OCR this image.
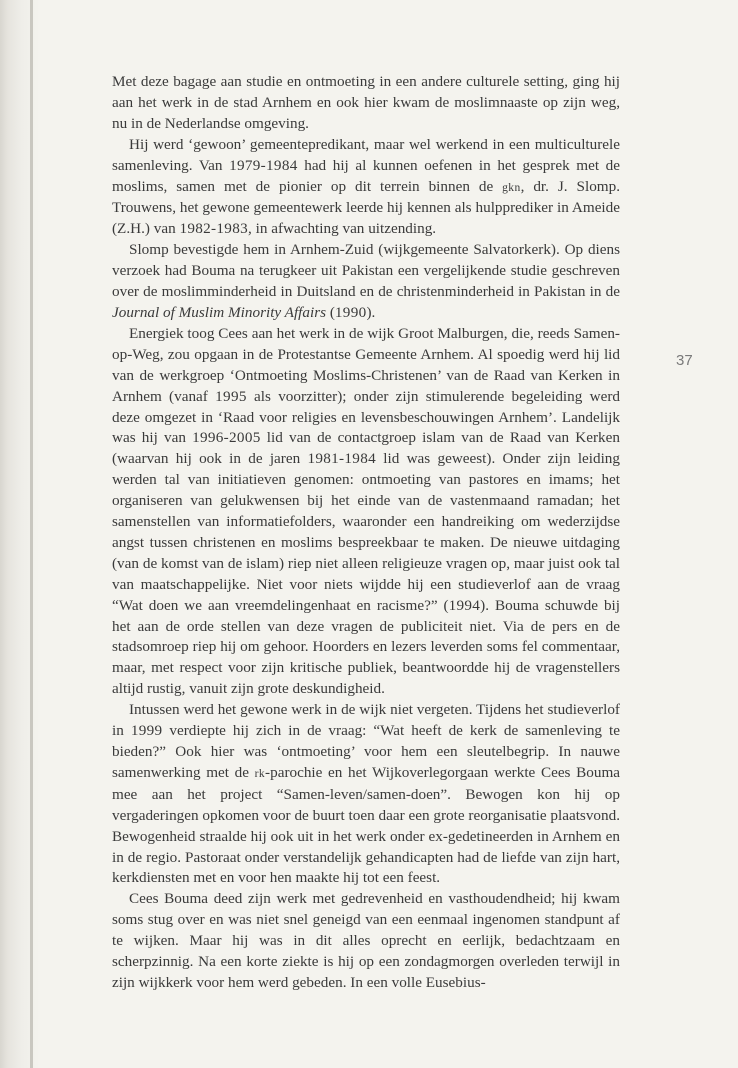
Met deze bagage aan studie en ontmoeting in een andere culturele setting, ging hij aan het werk in de stad Arnhem en ook hier kwam de moslimnaaste op zijn weg, nu in de Nederlandse omgeving.

Hij werd ‘gewoon’ gemeentepredikant, maar wel werkend in een multiculturele samenleving. Van 1979-1984 had hij al kunnen oefenen in het gesprek met de moslims, samen met de pionier op dit terrein binnen de gkn, dr. J. Slomp. Trouwens, het gewone gemeentewerk leerde hij kennen als hulpprediker in Ameide (Z.H.) van 1982-1983, in afwachting van uitzending.

Slomp bevestigde hem in Arnhem-Zuid (wijkgemeente Salvatorkerk). Op diens verzoek had Bouma na terugkeer uit Pakistan een vergelijkende studie geschreven over de moslimminderheid in Duitsland en de christenminderheid in Pakistan in de Journal of Muslim Minority Affairs (1990).

Energiek toog Cees aan het werk in de wijk Groot Malburgen, die, reeds Samen-op-Weg, zou opgaan in de Protestantse Gemeente Arnhem. Al spoedig werd hij lid van de werkgroep ‘Ontmoeting Moslims-Christenen’ van de Raad van Kerken in Arnhem (vanaf 1995 als voorzitter); onder zijn stimulerende begeleiding werd deze omgezet in ‘Raad voor religies en levensbeschouwingen Arnhem’. Landelijk was hij van 1996-2005 lid van de contactgroep islam van de Raad van Kerken (waarvan hij ook in de jaren 1981-1984 lid was geweest). Onder zijn leiding werden tal van initiatieven genomen: ontmoeting van pastores en imams; het organiseren van gelukwensen bij het einde van de vastenmaand ramadan; het samenstellen van informatiefolders, waaronder een handreiking om wederzijdse angst tussen christenen en moslims bespreekbaar te maken. De nieuwe uitdaging (van de komst van de islam) riep niet alleen religieuze vragen op, maar juist ook tal van maatschappelijke. Niet voor niets wijdde hij een studieverlof aan de vraag “Wat doen we aan vreemdelingenhaat en racisme?” (1994). Bouma schuwde bij het aan de orde stellen van deze vragen de publiciteit niet. Via de pers en de stadsomroep riep hij om gehoor. Hoorders en lezers leverden soms fel commentaar, maar, met respect voor zijn kritische publiek, beantwoordde hij de vragenstellers altijd rustig, vanuit zijn grote deskundigheid.

Intussen werd het gewone werk in de wijk niet vergeten. Tijdens het studieverlof in 1999 verdiepte hij zich in de vraag: “Wat heeft de kerk de samenleving te bieden?” Ook hier was ‘ontmoeting’ voor hem een sleutelbegrip. In nauwe samenwerking met de rk-parochie en het Wijkoverlegorgaan werkte Cees Bouma mee aan het project “Samen-leven/samen-doen”. Bewogen kon hij op vergaderingen opkomen voor de buurt toen daar een grote reorganisatie plaatsvond. Bewogenheid straalde hij ook uit in het werk onder ex-gedetineerden in Arnhem en in de regio. Pastoraat onder verstandelijk gehandicapten had de liefde van zijn hart, kerkdiensten met en voor hen maakte hij tot een feest.

Cees Bouma deed zijn werk met gedrevenheid en vasthoudendheid; hij kwam soms stug over en was niet snel geneigd van een eenmaal ingenomen standpunt af te wijken. Maar hij was in dit alles oprecht en eerlijk, bedachtzaam en scherpzinnig. Na een korte ziekte is hij op een zondagmorgen overleden terwijl in zijn wijkkerk voor hem werd gebeden. In een volle Eusebius-

37
